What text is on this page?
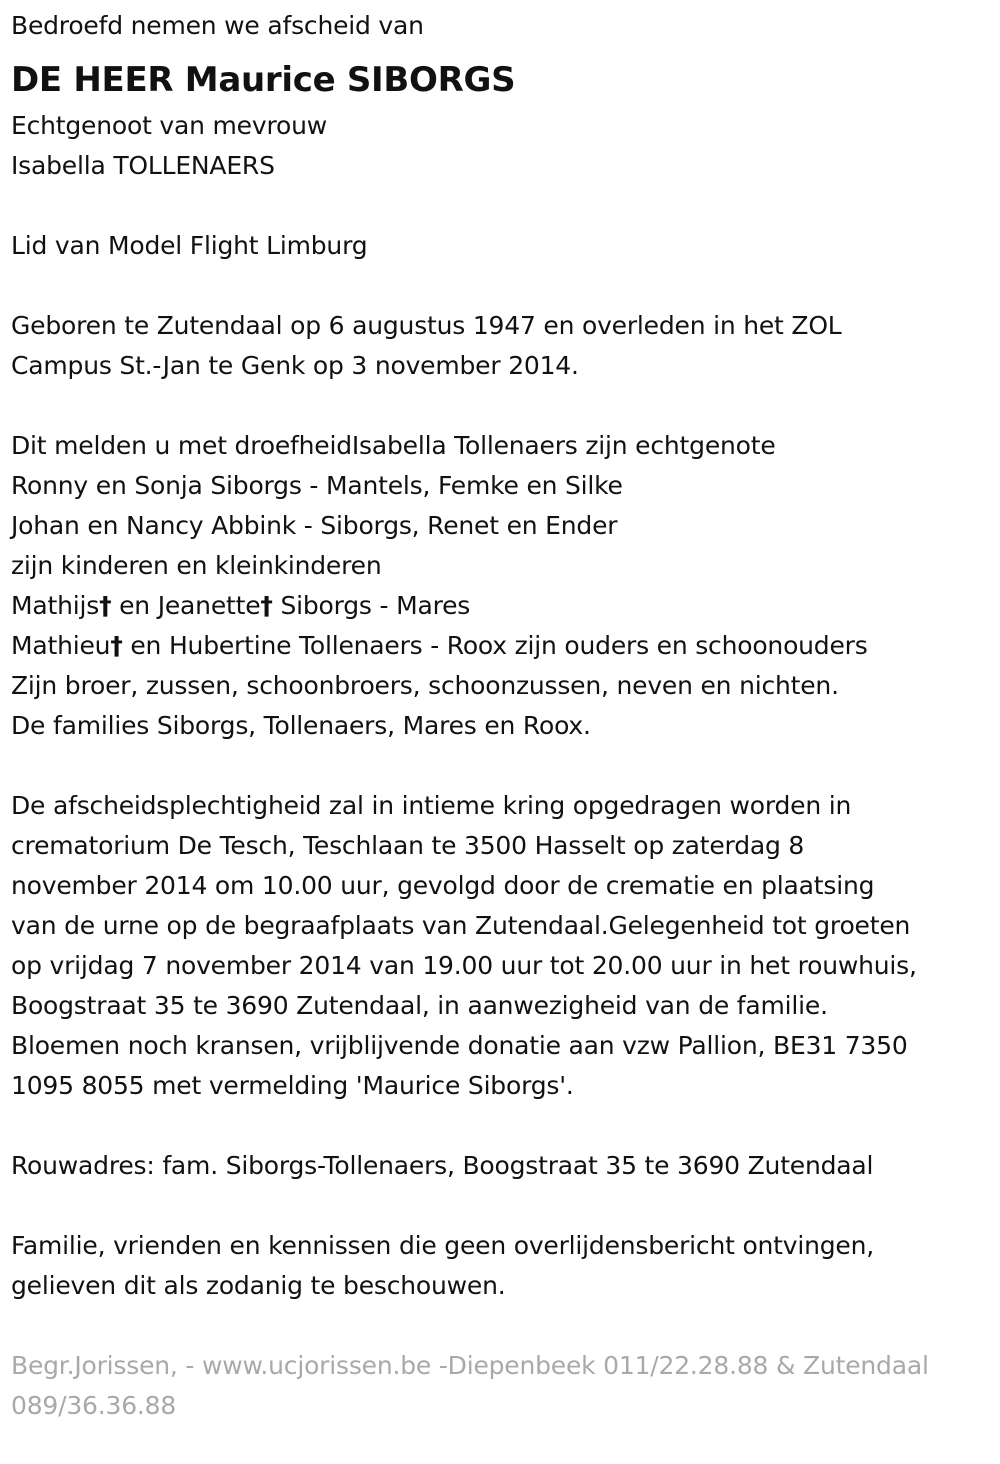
Bedroefd nemen we afscheid van
DE HEER Maurice SIBORGS
Echtgenoot van mevrouw
Isabella TOLLENAERS
Lid van Model Flight Limburg
Geboren te Zutendaal op 6 augustus 1947 en overleden in het ZOL
Campus St.-Jan te Genk op 3 november 2014.
Dit melden u met droefheidIsabella Tollenaers zijn echtgenote
Ronny en Sonja Siborgs - Mantels, Femke en Silke
Johan en Nancy Abbink - Siborgs, Renet en Ender
zijn kinderen en kleinkinderen
Mathijs† en Jeanette† Siborgs - Mares
Mathieu† en Hubertine Tollenaers - Roox zijn ouders en schoonouders
Zijn broer, zussen, schoonbroers, schoonzussen, neven en nichten.
De families Siborgs, Tollenaers, Mares en Roox.
De afscheidsplechtigheid zal in intieme kring opgedragen worden in
crematorium De Tesch, Teschlaan te 3500 Hasselt op zaterdag 8
november 2014 om 10.00 uur, gevolgd door de crematie en plaatsing
van de urne op de begraafplaats van Zutendaal.Gelegenheid tot groeten
op vrijdag 7 november 2014 van 19.00 uur tot 20.00 uur in het rouwhuis,
Boogstraat 35 te 3690 Zutendaal, in aanwezigheid van de familie.
Bloemen noch kransen, vrijblijvende donatie aan vzw Pallion, BE31 7350
1095 8055 met vermelding 'Maurice Siborgs'.
Rouwadres: fam. Siborgs-Tollenaers, Boogstraat 35 te 3690 Zutendaal
Familie, vrienden en kennissen die geen overlijdensbericht ontvingen,
gelieven dit als zodanig te beschouwen.
Begr.Jorissen, - www.ucjorissen.be -Diepenbeek 011/22.28.88 & Zutendaal
089/36.36.88
